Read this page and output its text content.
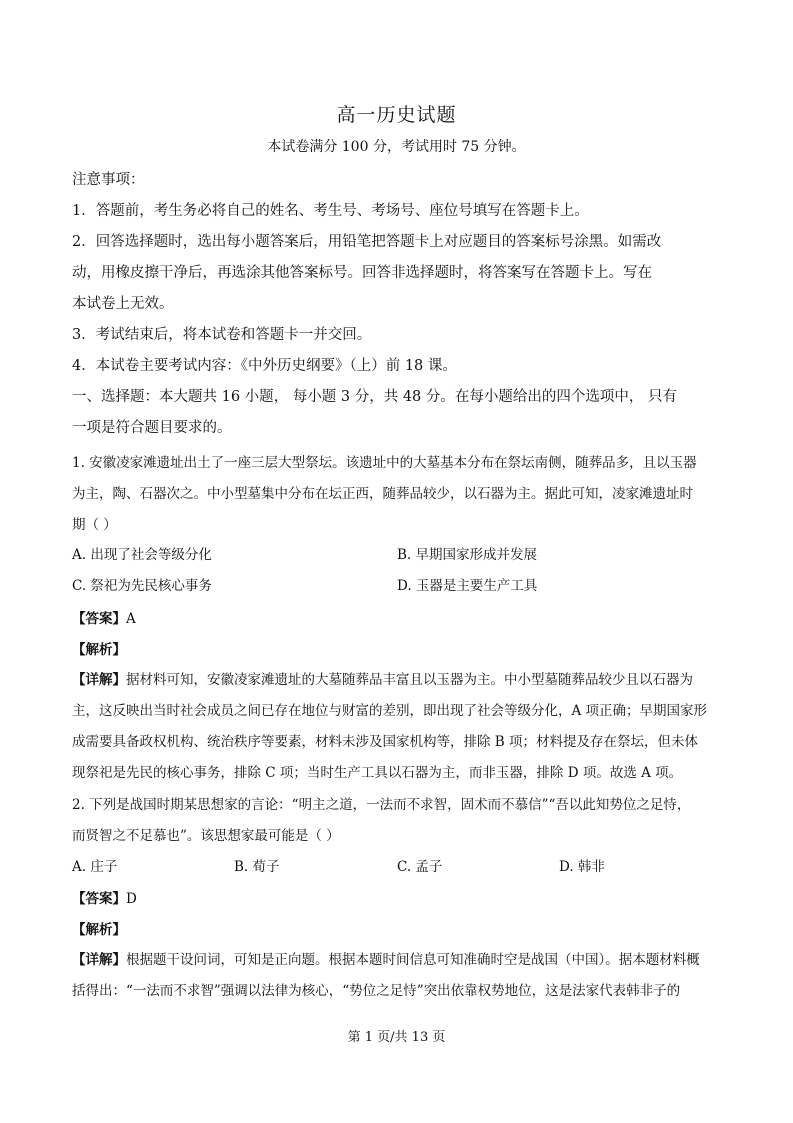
高一历史试题
本试卷满分 100 分，考试用时 75 分钟。
注意事项：
1．答题前，考生务必将自己的姓名、考生号、考场号、座位号填写在答题卡上。
2．回答选择题时，选出每小题答案后，用铅笔把答题卡上对应题目的答案标号涂黑。如需改
动，用橡皮擦干净后，再选涂其他答案标号。回答非选择题时，将答案写在答题卡上。写在
本试卷上无效。
3．考试结束后，将本试卷和答题卡一并交回。
4．本试卷主要考试内容：《中外历史纲要》（上）前 18 课。
一、选择题：本大题共 16 小题， 每小题 3 分，共 48 分。在每小题给出的四个选项中， 只有
一项是符合题目要求的。
1. 安徽凌家滩遗址出土了一座三层大型祭坛。该遗址中的大墓基本分布在祭坛南侧，随葬品多，且以玉器
为主，陶、石器次之。中小型墓集中分布在坛正西，随葬品较少，以石器为主。据此可知，凌家滩遗址时
期（ ）
A. 出现了社会等级分化	B. 早期国家形成并发展
C. 祭祀为先民核心事务	D. 玉器是主要生产工具
【答案】A
【解析】
【详解】据材料可知，安徽凌家滩遗址的大墓随葬品丰富且以玉器为主。中小型墓随葬品较少且以石器为
主，这反映出当时社会成员之间已存在地位与财富的差别，即出现了社会等级分化，A 项正确；早期国家形
成需要具备政权机构、统治秩序等要素，材料未涉及国家机构等，排除 B 项；材料提及存在祭坛，但未体
现祭祀是先民的核心事务，排除 C 项；当时生产工具以石器为主，而非玉器，排除 D 项。故选 A 项。
2. 下列是战国时期某思想家的言论：“明主之道，一法而不求智，固术而不慕信”“吾以此知势位之足恃，
而贤智之不足慕也”。该思想家最可能是（ ）
A. 庄子	B. 荀子	C. 孟子	D. 韩非
【答案】D
【解析】
【详解】根据题干设问词，可知是正向题。根据本题时间信息可知准确时空是战国（中国）。据本题材料概
括得出：“一法而不求智”强调以法律为核心，“势位之足恃”突出依靠权势地位，这是法家代表韩非子的
第 1 页/共 13 页
